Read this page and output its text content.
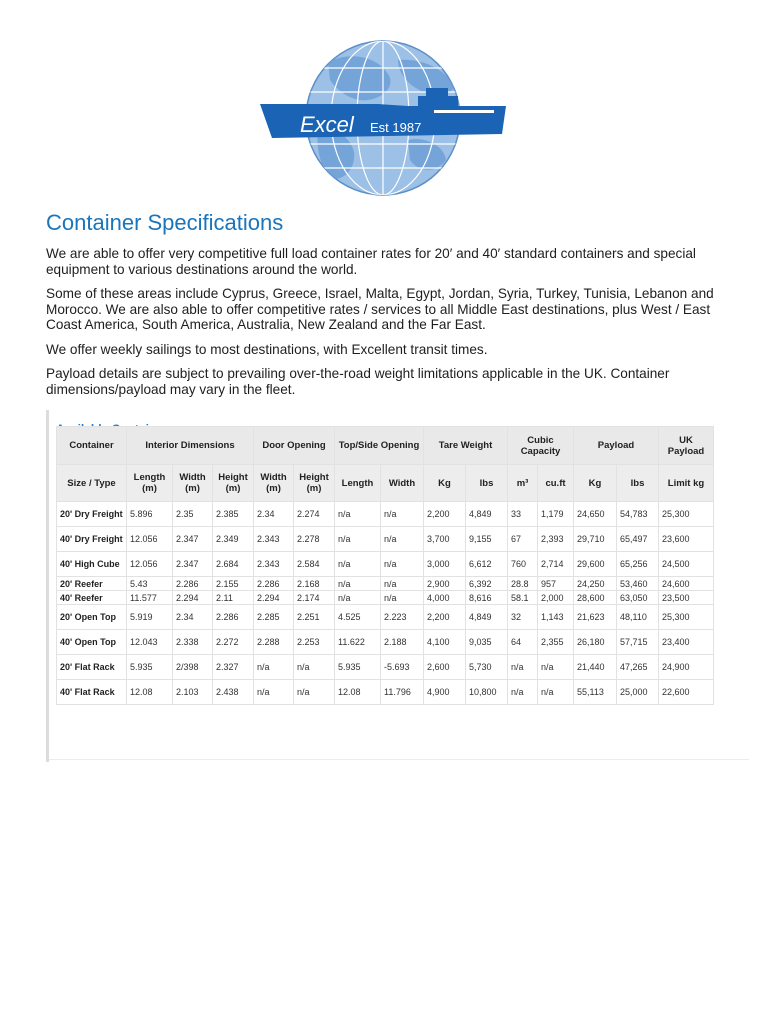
Excel Est 1987
Container Specifications

We are able to offer very competitive full load container rates for 20′ and 40′ standard containers and special equipment to various destinations around the world.

Some of these areas include Cyprus, Greece, Israel, Malta, Egypt, Jordan, Syria, Turkey, Tunisia, Lebanon and Morocco. We are also able to offer competitive rates / services to all Middle East destinations, plus West / East Coast America, South America, Australia, New Zealand and the Far East.

We offer weekly sailings to most destinations, with Excellent transit times.

Payload details are subject to prevailing over-the-road weight limitations applicable in the UK. Container dimensions/payload may vary in the fleet.

Container	Interior Dimensions			Door Opening		Top/Side Opening		Tare Weight		Cubic Capacity		Payload		UK Payload
Size / Type	Length (m)	Width (m)	Height (m)	Width (m)	Height (m)	Length	Width	Kg	lbs	m³	cu.ft	Kg	lbs	Limit kg
20' Dry Freight	5.896	2.35	2.385	2.34	2.274	n/a	n/a	2,200	4,849	33	1,179	24,650	54,783	25,300
40' Dry Freight	12.056	2.347	2.349	2.343	2.278	n/a	n/a	3,700	9,155	67	2,393	29,710	65,497	23,600
40' High Cube	12.056	2.347	2.684	2.343	2.584	n/a	n/a	3,000	6,612	760	2,714	29,600	65,256	24,500
20' Reefer	5.43	2.286	2.155	2.286	2.168	n/a	n/a	2,900	6,392	28.8	957	24,250	53,460	24,600
40' Reefer	11.577	2.294	2.11	2.294	2.174	n/a	n/a	4,000	8,616	58.1	2,000	28,600	63,050	23,500
20' Open Top	5.919	2.34	2.286	2.285	2.251	4.525	2.223	2,200	4,849	32	1,143	21,623	48,110	25,300
40' Open Top	12.043	2.338	2.272	2.288	2.253	11.622	2.188	4,100	9,035	64	2,355	26,180	57,715	23,400
20' Flat Rack	5.935	2/398	2.327	n/a	n/a	5.935	-5.693	2,600	5,730	n/a	n/a	21,440	47,265	24,900
40' Flat Rack	12.08	2.103	2.438	n/a	n/a	12.08	11.796	4,900	10,800	n/a	n/a	55,113	25,000	22,600
